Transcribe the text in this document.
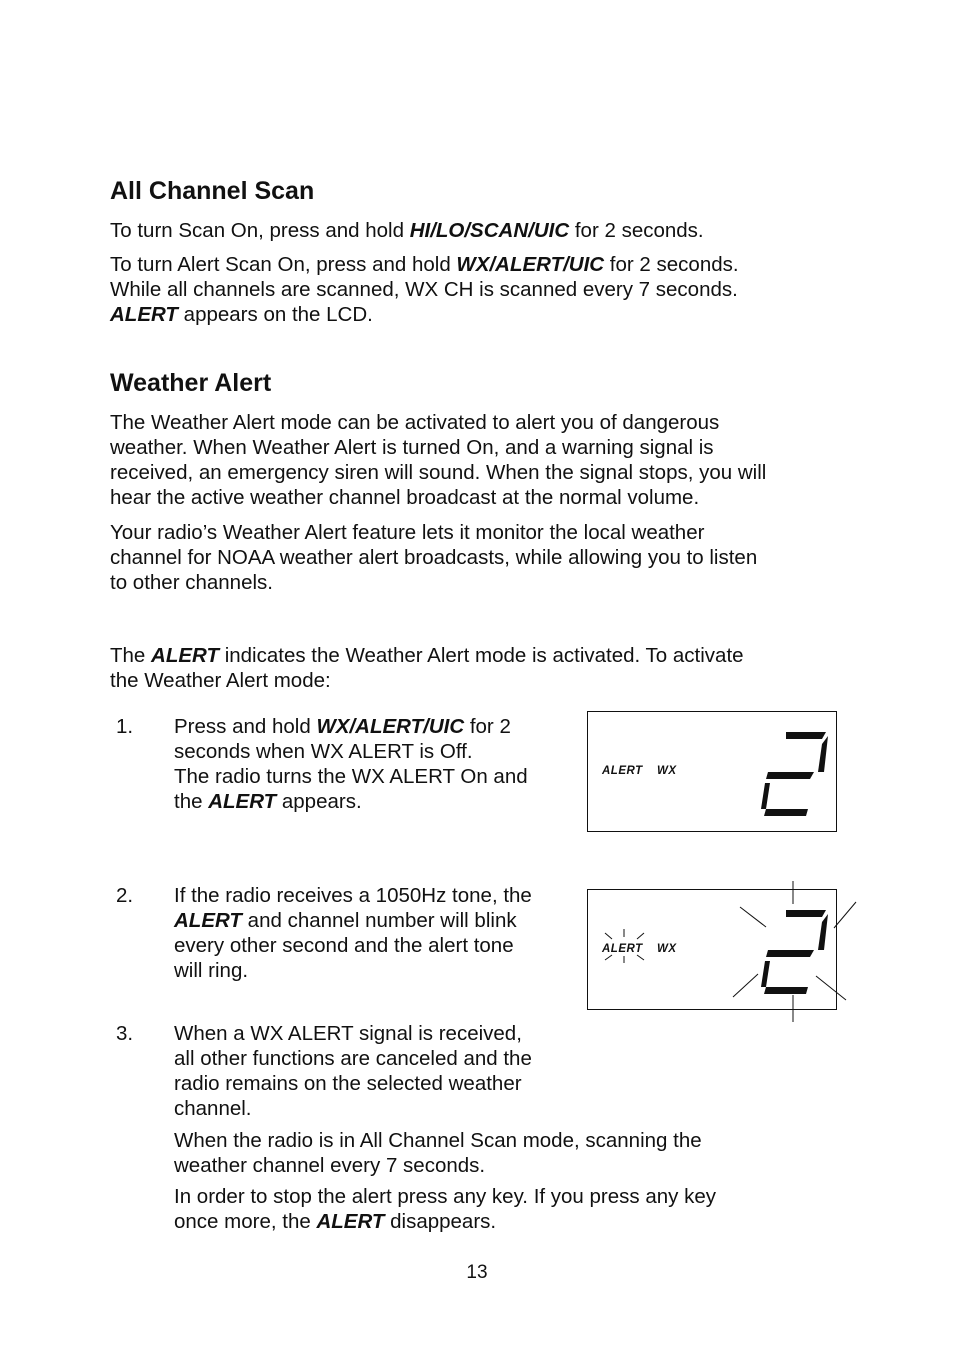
All Channel Scan

To turn Scan On, press and hold HI/LO/SCAN/UIC for 2 seconds.

To turn Alert Scan On, press and hold WX/ALERT/UIC for 2 seconds.
While all channels are scanned, WX CH is scanned every 7 seconds.
ALERT appears on the LCD.

Weather Alert

The Weather Alert mode can be activated to alert you of dangerous
weather. When Weather Alert is turned On, and a warning signal is
received, an emergency siren will sound. When the signal stops, you will
hear the active weather channel broadcast at the normal volume.

Your radio’s Weather Alert feature lets it monitor the local weather
channel for NOAA weather alert broadcasts, while allowing you to listen
to other channels.

The ALERT indicates the Weather Alert mode is activated. To activate
the Weather Alert mode:

1. Press and hold WX/ALERT/UIC for 2
seconds when WX ALERT is Off.
The radio turns the WX ALERT On and
the ALERT appears.

ALERT WX

2. If the radio receives a 1050Hz tone, the
ALERT and channel number will blink
every other second and the alert tone
will ring.

ALERT WX

3. When a WX ALERT signal is received,
all other functions are canceled and the
radio remains on the selected weather
channel.

When the radio is in All Channel Scan mode, scanning the
weather channel every 7 seconds.

In order to stop the alert press any key. If you press any key
once more, the ALERT disappears.

13
